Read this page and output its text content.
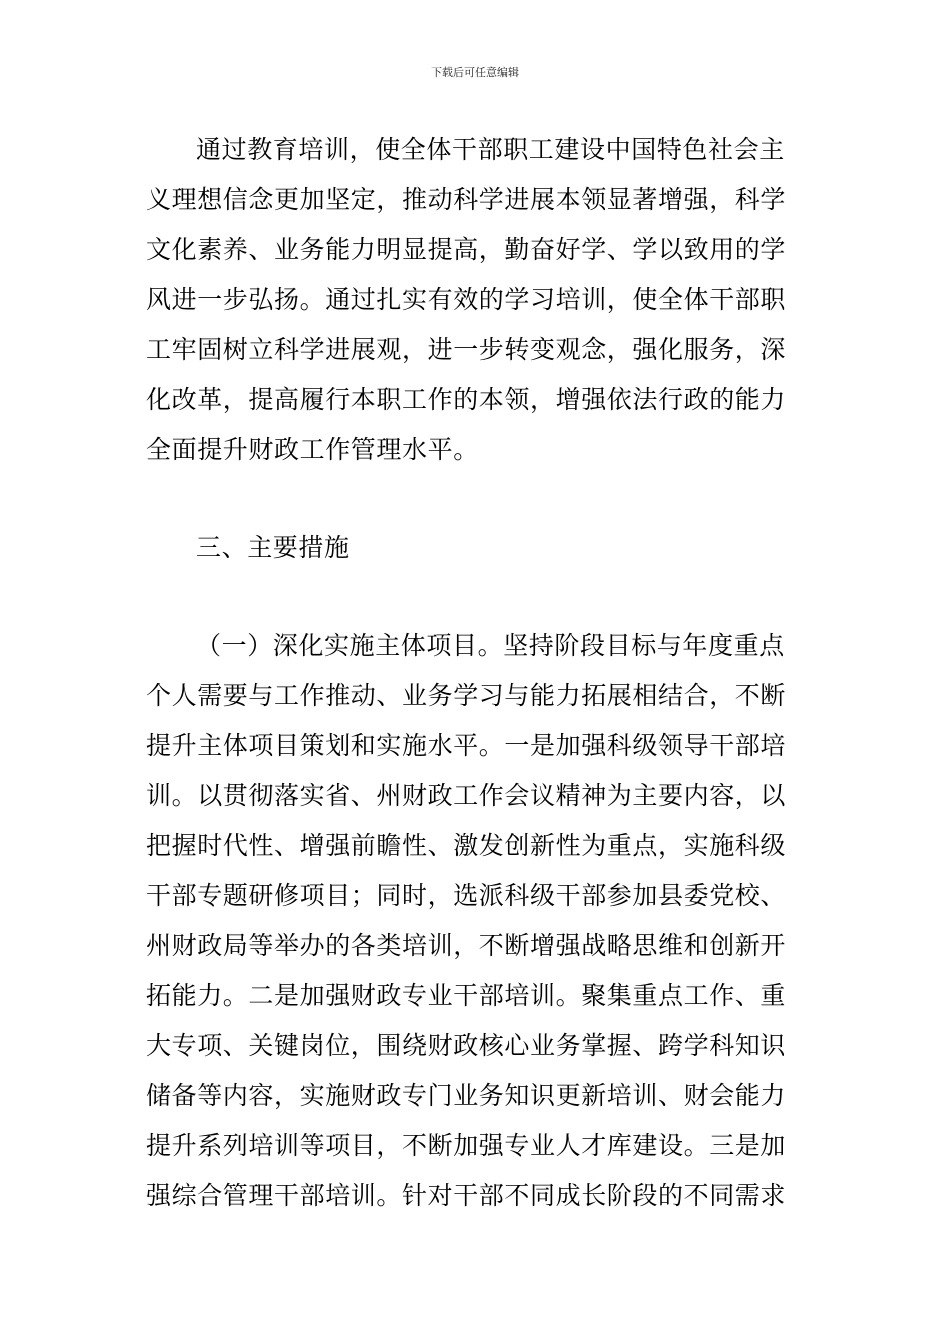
下载后可任意编辑
通过教育培训，使全体干部职工建设中国特色社会主
义理想信念更加坚定，推动科学进展本领显著增强，科学
文化素养、业务能力明显提高，勤奋好学、学以致用的学
风进一步弘扬。通过扎实有效的学习培训，使全体干部职
工牢固树立科学进展观，进一步转变观念，强化服务，深
化改革，提高履行本职工作的本领，增强依法行政的能力
全面提升财政工作管理水平。
三、主要措施
（一）深化实施主体项目。坚持阶段目标与年度重点
个人需要与工作推动、业务学习与能力拓展相结合，不断
提升主体项目策划和实施水平。一是加强科级领导干部培
训。以贯彻落实省、州财政工作会议精神为主要内容，以
把握时代性、增强前瞻性、激发创新性为重点，实施科级
干部专题研修项目；同时，选派科级干部参加县委党校、
州财政局等举办的各类培训，不断增强战略思维和创新开
拓能力。二是加强财政专业干部培训。聚集重点工作、重
大专项、关键岗位，围绕财政核心业务掌握、跨学科知识
储备等内容，实施财政专门业务知识更新培训、财会能力
提升系列培训等项目，不断加强专业人才库建设。三是加
强综合管理干部培训。针对干部不同成长阶段的不同需求
